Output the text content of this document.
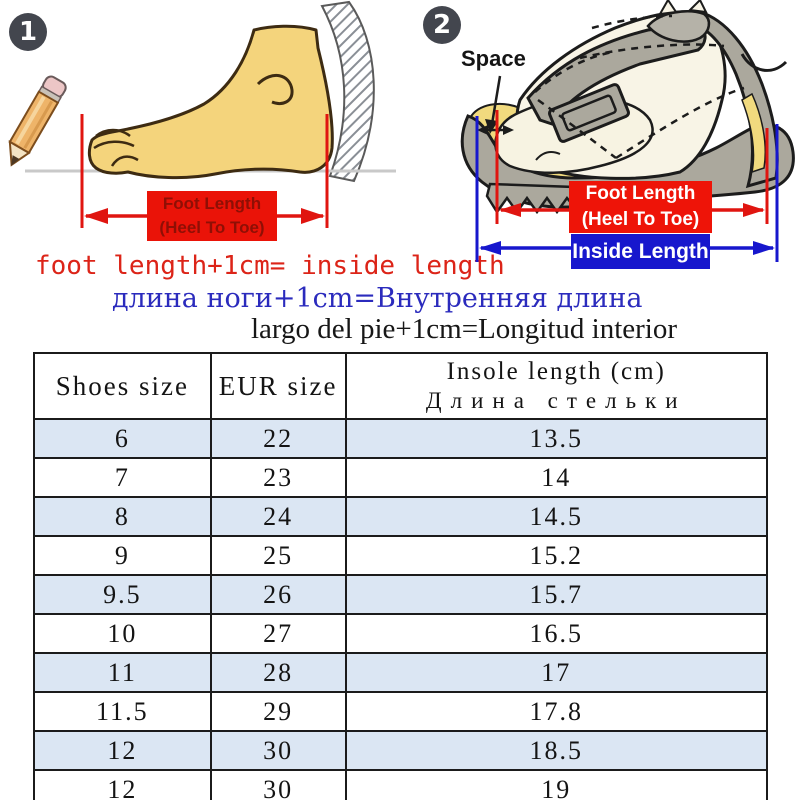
1	2
Foot Length
(Heel To Toe)
Space
Foot Length
(Heel To Toe)
Inside Length
foot length+1cm= inside length
длина ноги+1cm=Внутренняя длина
largo del pie+1cm=Longitud interior
Shoes size	EUR size	Insole length (cm)
Длина стельки

6	22	13.5
7	23	14
8	24	14.5
9	25	15.2
9.5	26	15.7
10	27	16.5
11	28	17
11.5	29	17.8
12	30	18.5
12	30	19
